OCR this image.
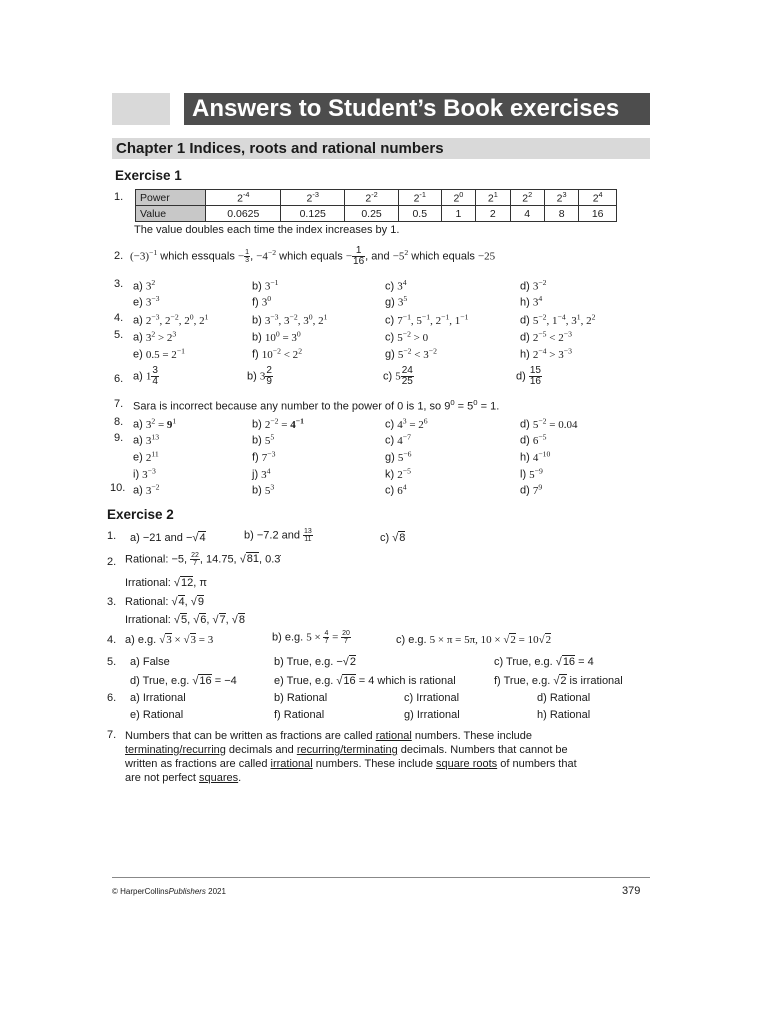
Answers to Student’s Book exercises
Chapter 1 Indices, roots and rational numbers
Exercise 1
1. Power	$2^{-4}$	$2^{-3}$	$2^{-2}$	$2^{-1}$	$2^0$	$2^1$	$2^2$	$2^3$	$2^4$
Value	0.0625	0.125	0.25	0.5	1	2	4	8	16
The value doubles each time the index increases by 1.
2. $(-3)^{-1}$ which essquals − $\frac{1}{3}$ , $-4^{-2}$ which equals − $\frac{1}{16}$ , and $-5^2$ which equals −25
3. a) $3^2$	b) $3^{-1}$	c) $3^4$	d) $3^{-2}$
e) $3^{-3}$	f) $3^0$	g) $3^5$	h) $3^4$
4. a) $2^{-3}$, $2^{-2}$, $2^0$, $2^1$	b) $3^{-3}$, $3^{-2}$, $3^0$, $2^1$	c) $7^{-1}$, $5^{-1}$, $2^{-1}$, $1^{-1}$	d) $5^{-2}$, $1^{-4}$, $3^1$, $2^2$
5. a) $3^2 > 2^3$	b) $10^0 = 3^0$	c) $5^{-2} > 0$	d) $2^{-5} < 2^{-3}$
e) $0.5 = 2^{-1}$	f) $10^{-2} < 2^2$	g) $5^{-2} < 3^{-2}$	h) $2^{-4} > 3^{-3}$
6. a) $1 \frac{3}{4}$	b) $3 \frac{2}{9}$	c) $5 \frac{24}{25}$	$d) \frac{15}{16}$
7. Sara is incorrect because any number to the power of 0 is 1, so $9^0 = 5^0 = 1$.
8. a) $3^2 = 9^1$	b) $2^{-2} = 4^{-1}$	c) $4^3 = 2^6$	d) $5^{-2} = 0.04$
9. a) $3^{13}$	b) $5^5$	c) $4^{-7}$	d) $6^{-5}$
e) $2^{11}$	f) $7^{-3}$	g) $5^{-6}$	h) $4^{-10}$
i) $3^{-3}$	j) $3^4$	k) $2^{-5}$	l) $5^{-9}$
10. a) $3^{-2}$	b) $5^3$	c) $6^4$	d) $7^9$
Exercise 2
1. a) −21 and −√4	b) −7.2 and $\frac{13}{11}$	c) √8
2. Rational: −5, $\frac{22}{7}$ , 14.75, √81, 0.3
Irrational: √12, π
3. Rational: √4, √9
Irrational: √5, √6, √7, √8
4. a) e.g. √3 × √3 = 3	b) e.g. $5 \times \frac{4}{7} = \frac{20}{7}$	c) e.g. 5 × π = 5π, 10 × √2 = 10√2
5. a) False	b) True, e.g. −√2	c) True, e.g. √16 = 4
d) True, e.g. √16 = −4	e) True, e.g. √16 = 4 which is rational	f) True, e.g. √2 is irrational
6. a) Irrational	b) Rational	c) Irrational	d) Rational
e) Rational	f) Rational	g) Irrational	h) Rational
7. Numbers that can be written as fractions are called rational numbers. These include
terminating/recurring decimals and recurring/terminating decimals. Numbers that cannot be
written as fractions are called irrational numbers. These include square roots of numbers that
are not perfect squares.
© HarperCollinsPublishers 2021	379
